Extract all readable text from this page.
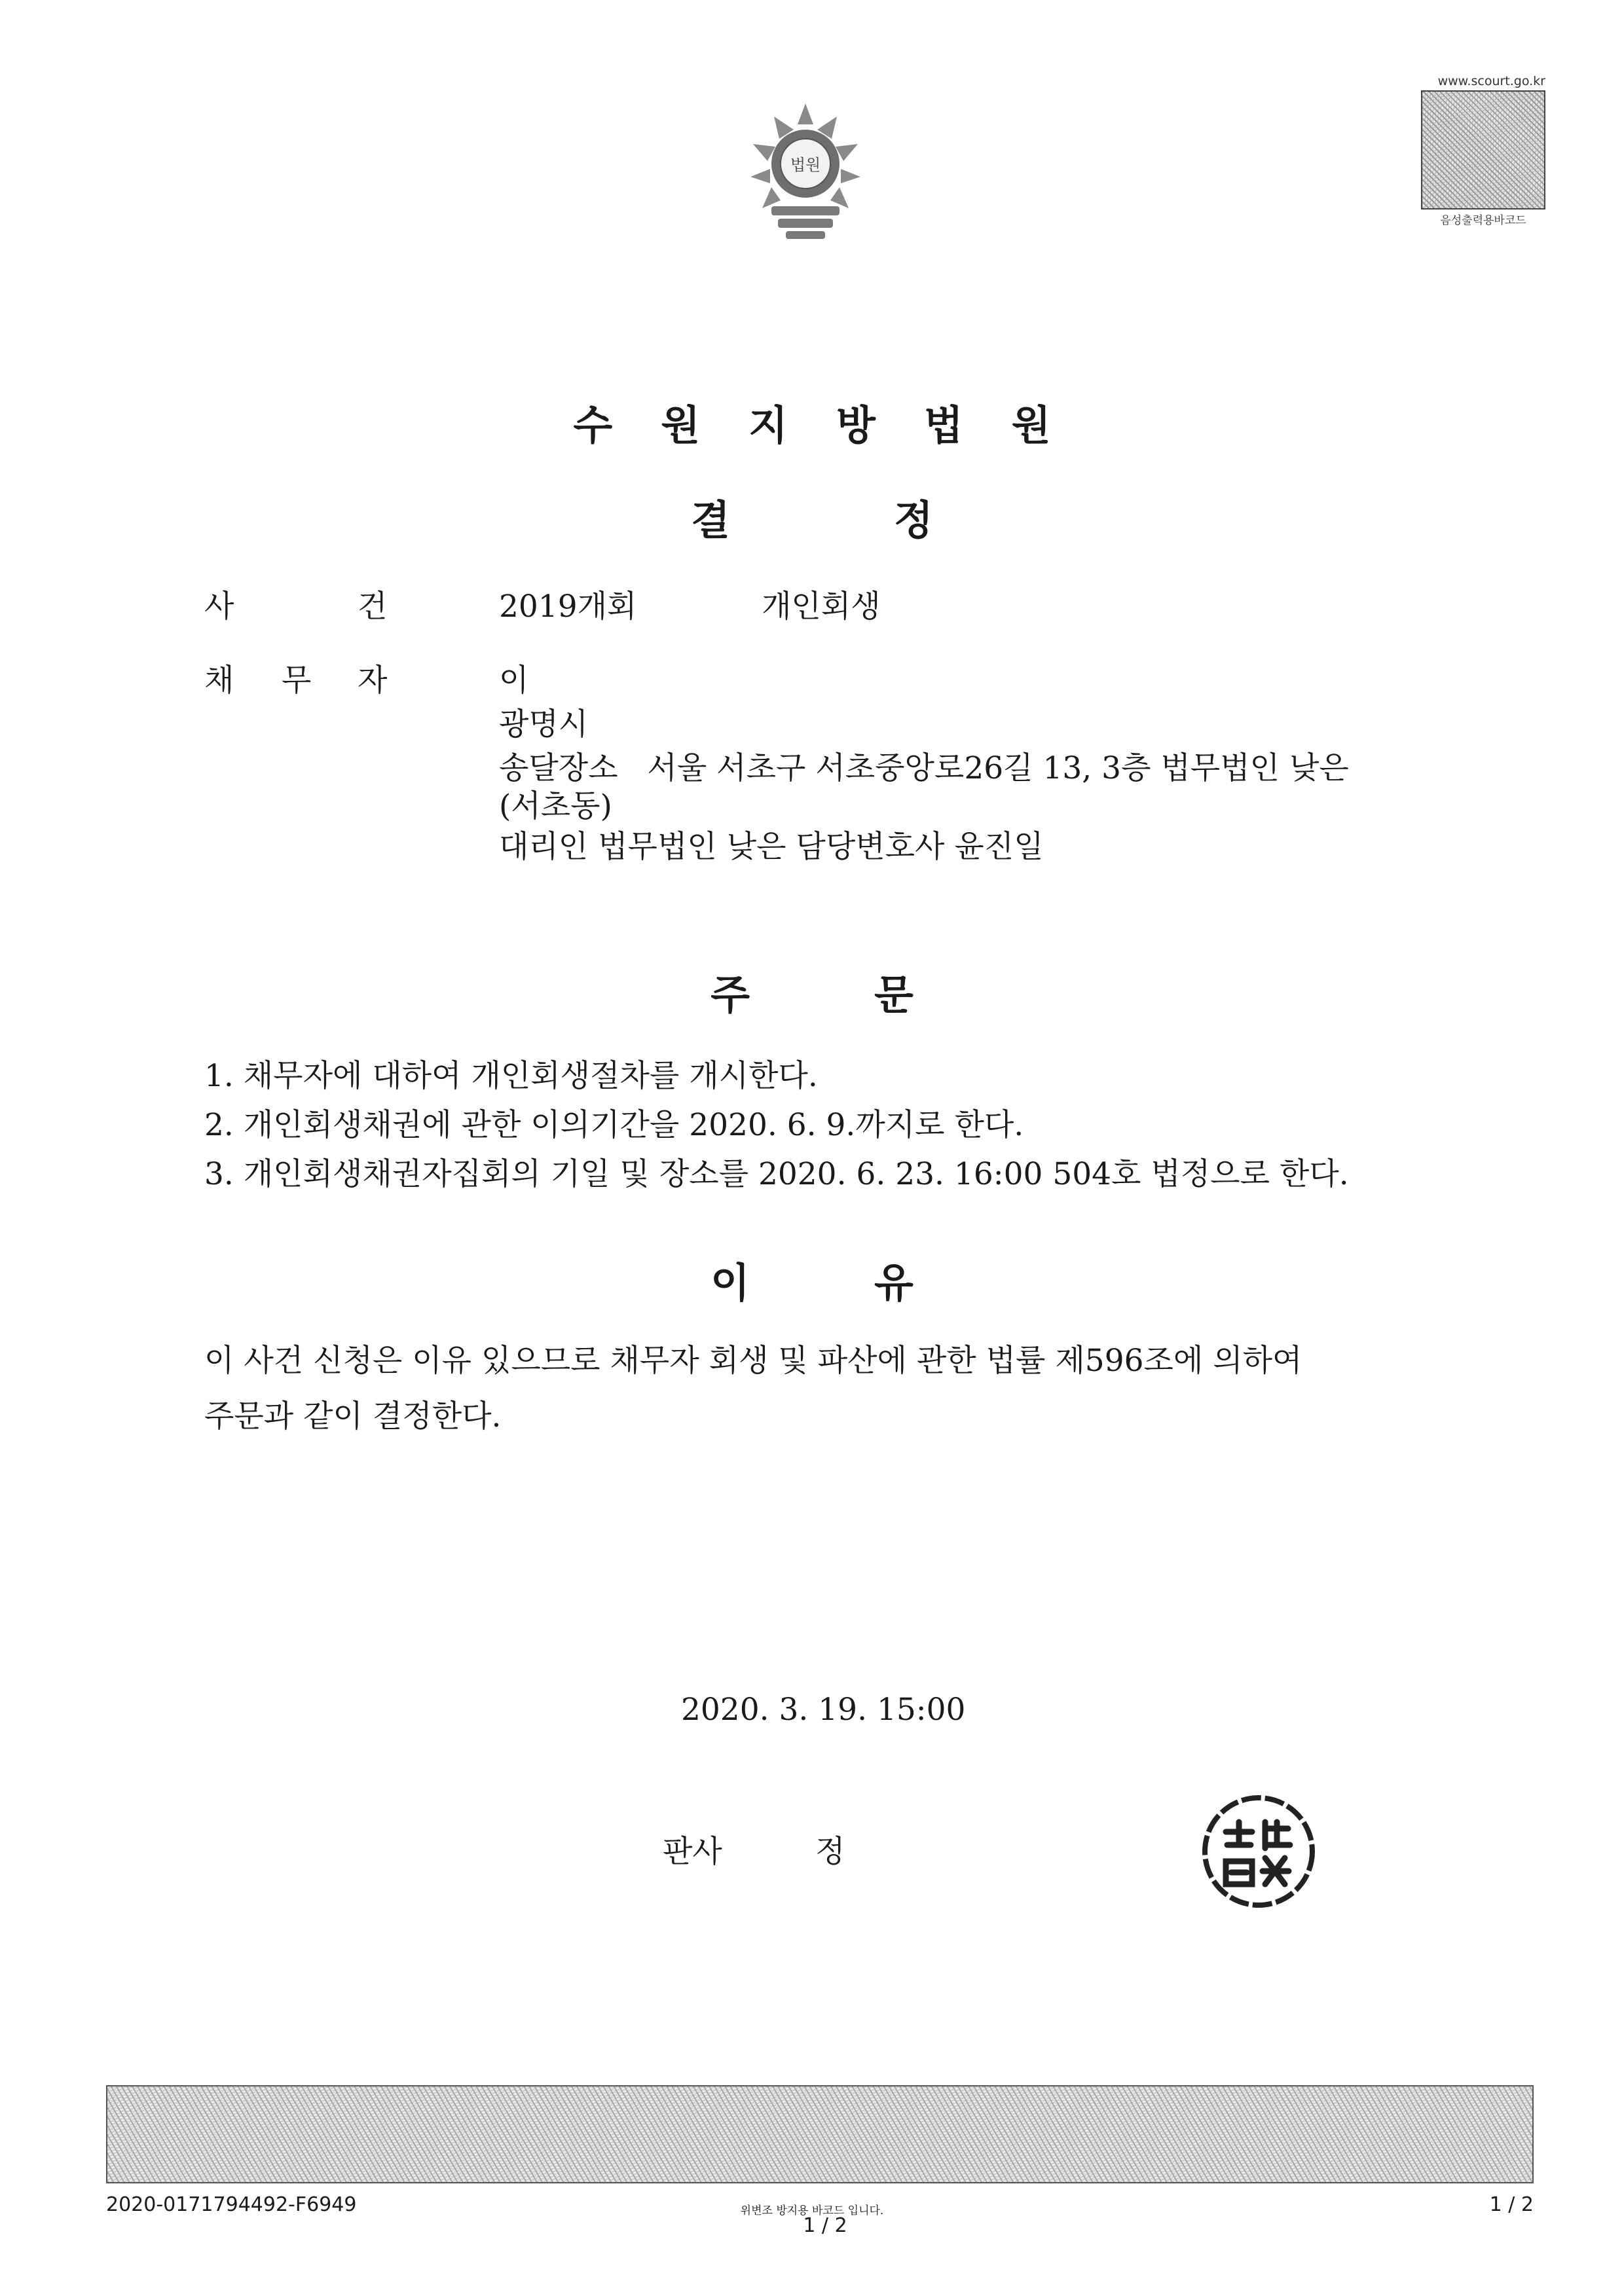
법원
www.scourt.go.kr
음성출력용바코드
수원지방법원
결정
사	건	2019개회	개인회생
채 무 자	이
광명시
송달장소   서울 서초구 서초중앙로26길 13, 3층 법무법인 낮은
(서초동)
대리인 법무법인 낮은 담당변호사 윤진일
주문
1. 채무자에 대하여 개인회생절차를 개시한다.
2. 개인회생채권에 관한 이의기간을 2020. 6. 9.까지로 한다.
3. 개인회생채권자집회의 기일 및 장소를 2020. 6. 23. 16:00 504호 법정으로 한다.
이유
이 사건 신청은 이유 있으므로 채무자 회생 및 파산에 관한 법률 제596조에 의하여
주문과 같이 결정한다.
2020. 3. 19. 15:00
판사	정
2020-0171794492-F6949	위변조 방지용 바코드 입니다.
1 / 2
1 / 2
